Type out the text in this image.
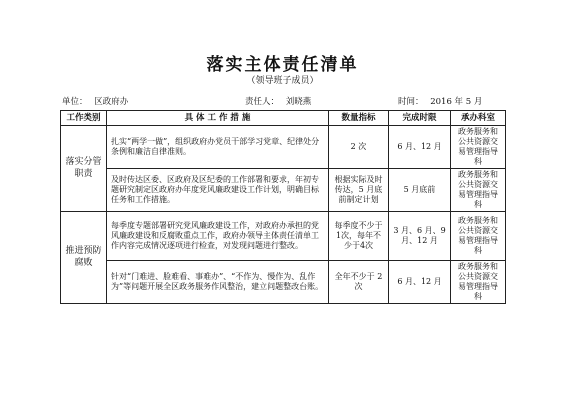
落实主体责任清单
（领导班子成员）
单位： 区政府办	责任人： 刘晓燕	时间： 2016 年 5 月
工作类别	具 体 工 作 措 施	数量指标	完成时限	承办科室
落实分管职责	扎实“两学一做”，组织政府办党员干部学习党章、纪律处分条例和廉洁自律准则。	2 次	6 月、12 月	政务服务和公共资源交易管理指导科
	及时传达区委、区政府及区纪委的工作部署和要求，年初专题研究制定区政府办年度党风廉政建设工作计划，明确目标任务和工作措施。	根据实际及时传达，5 月底前制定计划	5 月底前	政务服务和公共资源交易管理指导科
推进预防腐败	每季度专题部署研究党风廉政建设工作，对政府办承担的党风廉政建设和反腐败重点工作，政府办领导主体责任清单工作内容完成情况逐项进行检查，对发现问题进行整改。	每季度不少于1次，每年不少于4次	3 月、6 月、9 月、12 月	政务服务和公共资源交易管理指导科
	针对“门难进、脸难看、事难办”、“不作为、慢作为、乱作为”等问题开展全区政务服务作风整治，建立问题整改台账。	全年不少于 2 次	6 月、12 月	政务服务和公共资源交易管理指导科
